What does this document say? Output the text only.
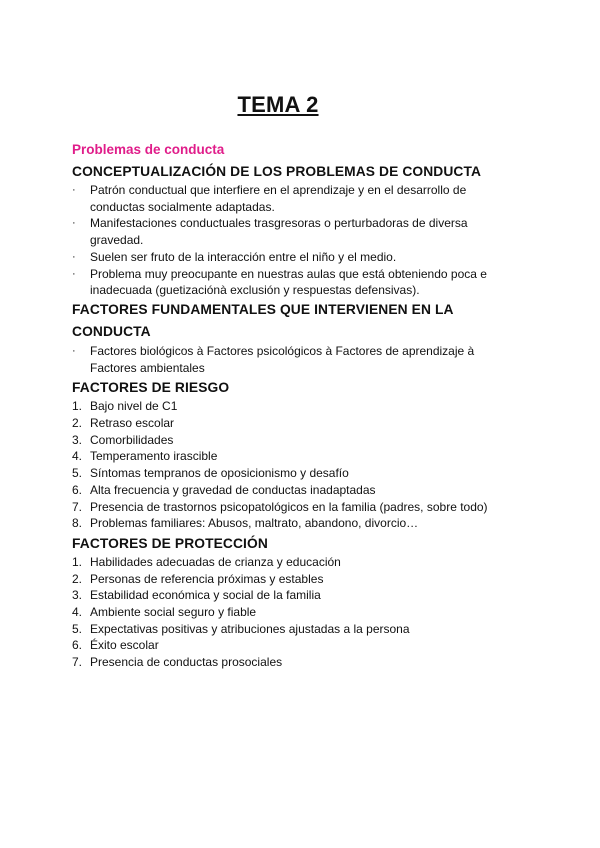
TEMA 2
Problemas de conducta
CONCEPTUALIZACIÓN DE LOS PROBLEMAS DE CONDUCTA
·	Patrón conductual que interfiere en el aprendizaje y en el desarrollo de conductas socialmente adaptadas.
·	Manifestaciones conductuales trasgresoras o perturbadoras de diversa gravedad.
·	Suelen ser fruto de la interacción entre el niño y el medio.
·	Problema muy preocupante en nuestras aulas que está obteniendo poca e inadecuada (guetizaciónà exclusión y respuestas defensivas).
FACTORES FUNDAMENTALES QUE INTERVIENEN EN LA CONDUCTA
·	Factores biológicos à Factores psicológicos à Factores de aprendizaje à Factores ambientales
FACTORES DE RIESGO
1. Bajo nivel de C1
2. Retraso escolar
3. Comorbilidades
4. Temperamento irascible
5. Síntomas tempranos de oposicionismo y desafío
6. Alta frecuencia y gravedad de conductas inadaptadas
7. Presencia de trastornos psicopatológicos en la familia (padres, sobre todo)
8. Problemas familiares: Abusos, maltrato, abandono, divorcio…
FACTORES DE PROTECCIÓN
1. Habilidades adecuadas de crianza y educación
2. Personas de referencia próximas y estables
3. Estabilidad económica y social de la familia
4. Ambiente social seguro y fiable
5. Expectativas positivas y atribuciones ajustadas a la persona
6. Éxito escolar
7. Presencia de conductas prosociales
